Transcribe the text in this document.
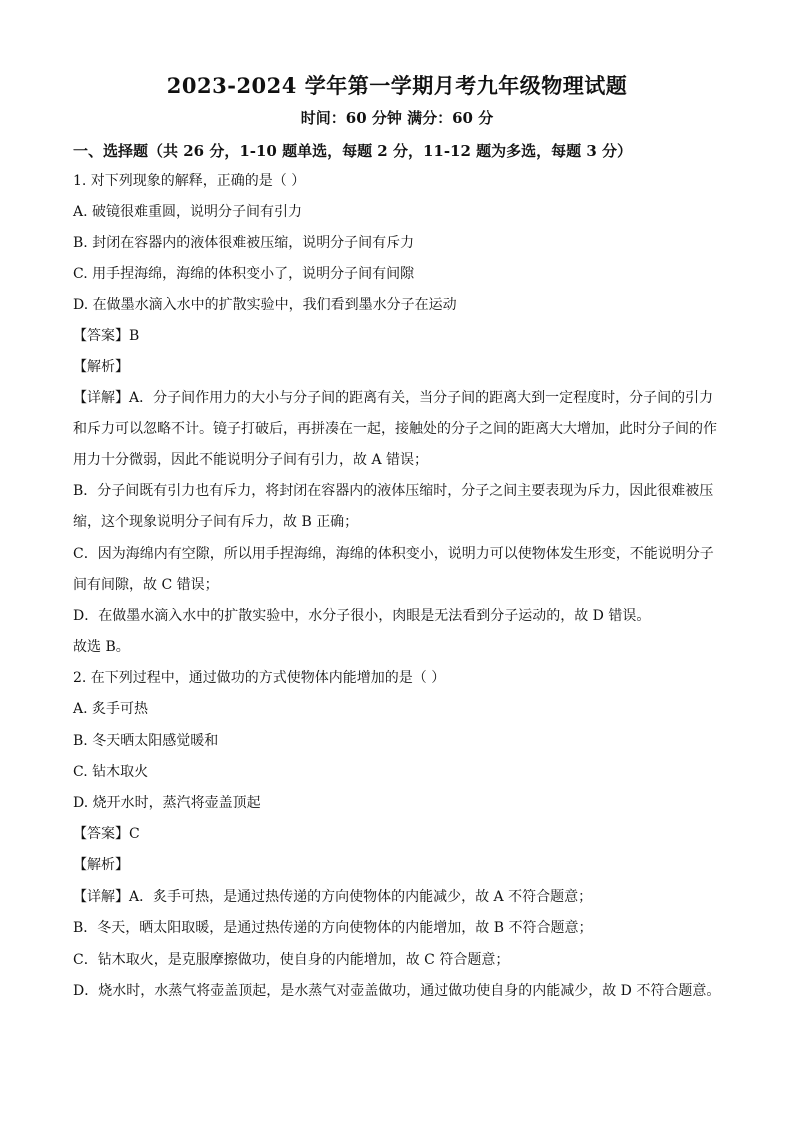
2023-2024 学年第一学期月考九年级物理试题
时间：60 分钟 满分：60 分
一、选择题（共 26 分，1-10 题单选，每题 2 分，11-12 题为多选，每题 3 分）
1. 对下列现象的解释，正确的是（ ）
A. 破镜很难重圆，说明分子间有引力
B. 封闭在容器内的液体很难被压缩，说明分子间有斥力
C. 用手捏海绵，海绵的体积变小了，说明分子间有间隙
D. 在做墨水滴入水中的扩散实验中，我们看到墨水分子在运动
【答案】B
【解析】
【详解】A．分子间作用力的大小与分子间的距离有关，当分子间的距离大到一定程度时，分子间的引力
和斥力可以忽略不计。镜子打破后，再拼凑在一起，接触处的分子之间的距离大大增加，此时分子间的作
用力十分微弱，因此不能说明分子间有引力，故 A 错误；
B．分子间既有引力也有斥力，将封闭在容器内的液体压缩时，分子之间主要表现为斥力，因此很难被压
缩，这个现象说明分子间有斥力，故 B 正确；
C．因为海绵内有空隙，所以用手捏海绵，海绵的体积变小，说明力可以使物体发生形变，不能说明分子
间有间隙，故 C 错误；
D．在做墨水滴入水中的扩散实验中，水分子很小，肉眼是无法看到分子运动的，故 D 错误。
故选 B。
2. 在下列过程中，通过做功的方式使物体内能增加的是（ ）
A. 炙手可热
B. 冬天晒太阳感觉暖和
C. 钻木取火
D. 烧开水时，蒸汽将壶盖顶起
【答案】C
【解析】
【详解】A．炙手可热，是通过热传递的方向使物体的内能减少，故 A 不符合题意；
B．冬天，晒太阳取暖，是通过热传递的方向使物体的内能增加，故 B 不符合题意；
C．钻木取火，是克服摩擦做功，使自身的内能增加，故 C 符合题意；
D．烧水时，水蒸气将壶盖顶起，是水蒸气对壶盖做功，通过做功使自身的内能减少，故 D 不符合题意。
